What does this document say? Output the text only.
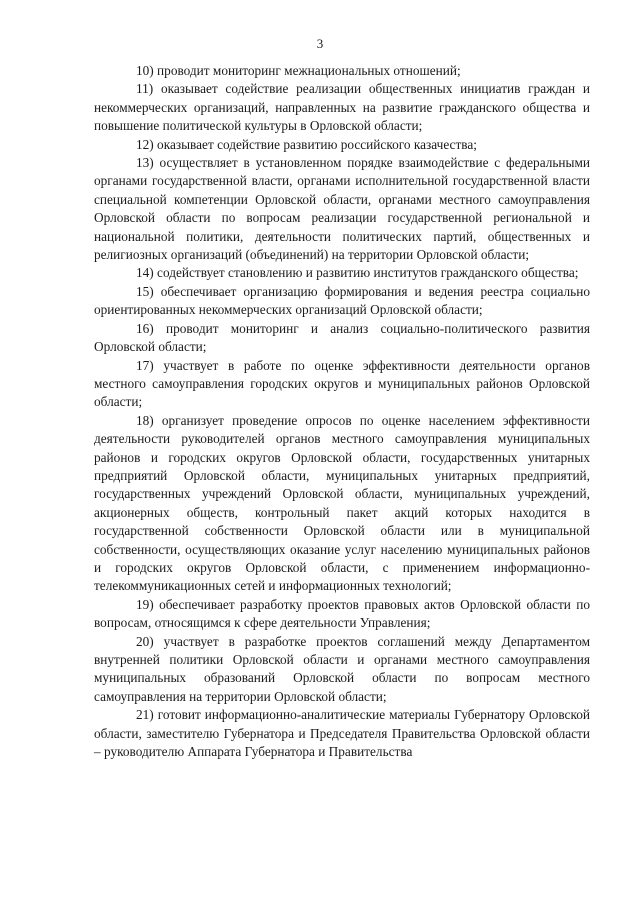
3

10) проводит мониторинг межнациональных отношений;

11) оказывает содействие реализации общественных инициатив граждан и некоммерческих организаций, направленных на развитие гражданского общества и повышение политической культуры в Орловской области;

12) оказывает содействие развитию российского казачества;

13) осуществляет в установленном порядке взаимодействие с федеральными органами государственной власти, органами исполнительной государственной власти специальной компетенции Орловской области, органами местного самоуправления Орловской области по вопросам реализации государственной региональной и национальной политики, деятельности политических партий, общественных и религиозных организаций (объединений) на территории Орловской области;

14) содействует становлению и развитию институтов гражданского общества;

15) обеспечивает организацию формирования и ведения реестра социально ориентированных некоммерческих организаций Орловской области;

16) проводит мониторинг и анализ социально-политического развития Орловской области;

17) участвует в работе по оценке эффективности деятельности органов местного самоуправления городских округов и муниципальных районов Орловской области;

18) организует проведение опросов по оценке населением эффективности деятельности руководителей органов местного самоуправления муниципальных районов и городских округов Орловской области, государственных унитарных предприятий Орловской области, муниципальных унитарных предприятий, государственных учреждений Орловской области, муниципальных учреждений, акционерных обществ, контрольный пакет акций которых находится в государственной собственности Орловской области или в муниципальной собственности, осуществляющих оказание услуг населению муниципальных районов и городских округов Орловской области, с применением информационно-телекоммуникационных сетей и информационных технологий;

19) обеспечивает разработку проектов правовых актов Орловской области по вопросам, относящимся к сфере деятельности Управления;

20) участвует в разработке проектов соглашений между Департаментом внутренней политики Орловской области и органами местного самоуправления муниципальных образований Орловской области по вопросам местного самоуправления на территории Орловской области;

21) готовит информационно-аналитические материалы Губернатору Орловской области, заместителю Губернатора и Председателя Правительства Орловской области – руководителю Аппарата Губернатора и Правительства
